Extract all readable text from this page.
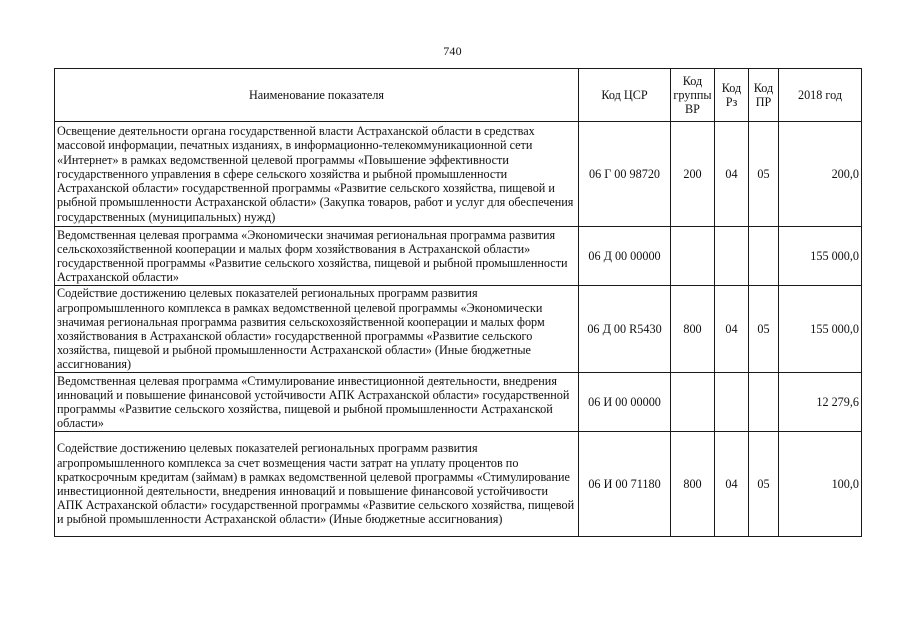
740
Наименование показателя	Код ЦСР	Код группы ВР	Код Рз	Код ПР	2018 год
Освещение деятельности органа государственной власти Астраханской области в средствах массовой информации, печатных изданиях, в информационно-телекоммуникационной сети «Интернет» в рамках ведомственной целевой программы «Повышение эффективности государственного управления в сфере сельского хозяйства и рыбной промышленности Астраханской области» государственной программы «Развитие сельского хозяйства, пищевой и рыбной промышленности Астраханской области» (Закупка товаров, работ и услуг для обеспечения государственных (муниципальных) нужд)	06 Г 00 98720	200	04	05	200,0
Ведомственная целевая программа «Экономически значимая региональная программа развития сельскохозяйственной кооперации и малых форм хозяйствования в Астраханской области» государственной программы «Развитие сельского хозяйства, пищевой и рыбной промышленности Астраханской области»	06 Д 00 00000				155 000,0
Содействие достижению целевых показателей региональных программ развития агропромышленного комплекса в рамках ведомственной целевой программы «Экономически значимая региональная программа развития сельскохозяйственной кооперации и малых форм хозяйствования в Астраханской области» государственной программы «Развитие сельского хозяйства, пищевой и рыбной промышленности Астраханской области» (Иные бюджетные ассигнования)	06 Д 00 R5430	800	04	05	155 000,0
Ведомственная целевая программа «Стимулирование инвестиционной деятельности, внедрения инноваций и повышение финансовой устойчивости АПК Астраханской области» государственной программы «Развитие сельского хозяйства, пищевой и рыбной промышленности Астраханской области»	06 И 00 00000				12 279,6
Содействие достижению целевых показателей региональных программ развития агропромышленного комплекса за счет возмещения части затрат на уплату процентов по краткосрочным кредитам (займам) в рамках ведомственной целевой программы «Стимулирование инвестиционной деятельности, внедрения инноваций и повышение финансовой устойчивости АПК Астраханской области» государственной программы «Развитие сельского хозяйства, пищевой и рыбной промышленности Астраханской области» (Иные бюджетные ассигнования)	06 И 00 71180	800	04	05	100,0
